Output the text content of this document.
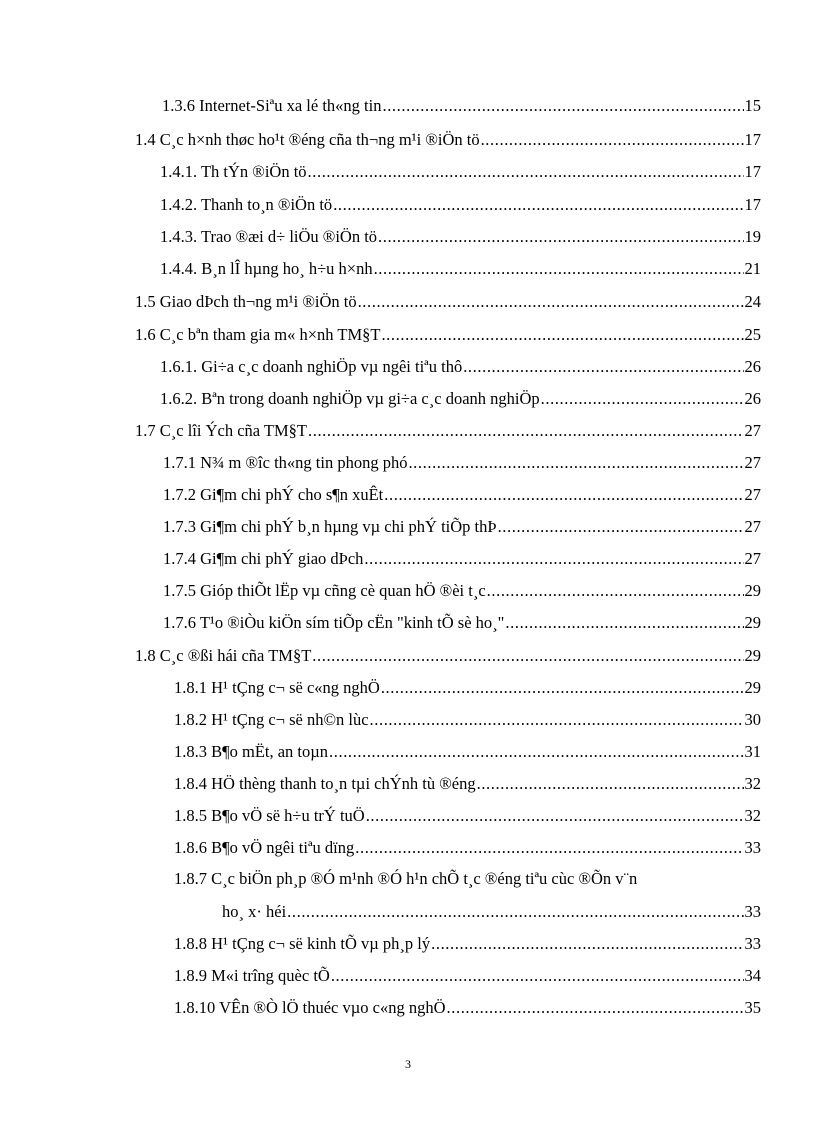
1.3.6 Internet-Siªu xa lé th«ng tin .....	15
1.4 C¸c h×nh thøc ho¹t ®éng cña th¬ng m¹i ®iÖn tö .....	17
1.4.1. Th tÝn ®iÖn tö .....	17
1.4.2. Thanh to¸n ®iÖn tö .....	17
1.4.3. Trao ®æi d÷ liÖu ®iÖn tö .....	19
1.4.4. B¸n lÎ hµng ho¸ h÷u h×nh .....	21
1.5 Giao dÞch th¬ng m¹i ®iÖn tö .....	24
1.6 C¸c bªn tham gia m« h×nh TM§T .....	25
1.6.1. Gi÷a c¸c doanh nghiÖp vµ ngêi tiªu thô .....	26
1.6.2. Bªn trong doanh nghiÖp vµ gi÷a c¸c doanh nghiÖp .....	26
1.7 C¸c lîi Ých cña TM§T .....	27
1.7.1 N¾ m ®îc th«ng tin phong phó .....	27
1.7.2 Gi¶m chi phÝ cho s¶n xuÊt .....	27
1.7.3 Gi¶m chi phÝ b¸n hµng vµ chi phÝ tiÕp thÞ .....	27
1.7.4 Gi¶m chi phÝ giao dÞch .....	27
1.7.5 Gióp thiÕt lËp vµ cñng cè quan hÖ ®èi t¸c .....	29
1.7.6 T¹o ®iÒu kiÖn sím tiÕp cËn "kinh tÕ sè ho¸" .....	29
1.8 C¸c ®ßi hái cña TM§T .....	29
1.8.1 H¹ tÇng c¬ së c«ng nghÖ .....	29
1.8.2 H¹ tÇng c¬ së nh©n lùc .....	30
1.8.3 B¶o mËt, an toµn .....	31
1.8.4 HÖ thèng thanh to¸n tµi chÝnh tù ®éng .....	32
1.8.5 B¶o vÖ së h÷u trÝ tuÖ .....	32
1.8.6 B¶o vÖ ngêi tiªu dïng .....	33
1.8.7 C¸c biÖn ph¸p ®Ó m¹nh ®Ó h¹n chÕ t¸c ®éng tiªu cùc ®Õn v¨n
ho¸ x· héi .....	33
1.8.8 H¹ tÇng c¬ së kinh tÕ vµ ph¸p lý .....	33
1.8.9 M«i trîng quèc tÕ .....	34
1.8.10 VÊn ®Ò lÖ thuéc vµo c«ng nghÖ .....	35
3
